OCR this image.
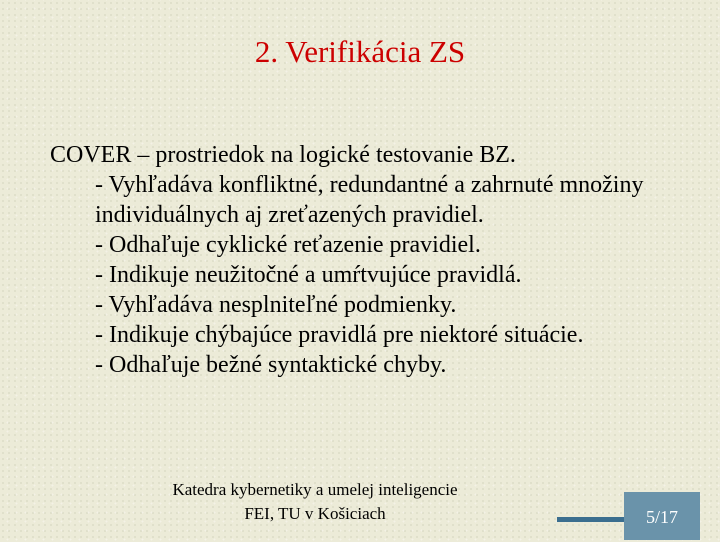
2. Verifikácia ZS
COVER – prostriedok na logické testovanie BZ.
- Vyhľadáva konfliktné, redundantné a zahrnuté množiny individuálnych aj zreťazených pravidiel.
- Odhaľuje cyklické reťazenie pravidiel.
- Indikuje neužitočné a umŕtvujúce pravidlá.
- Vyhľadáva nesplniteľné podmienky.
- Indikuje chýbajúce pravidlá pre niektoré situácie.
- Odhaľuje bežné syntaktické chyby.
Katedra kybernetiky a umelej inteligencie
FEI, TU v Košiciach	5/17
